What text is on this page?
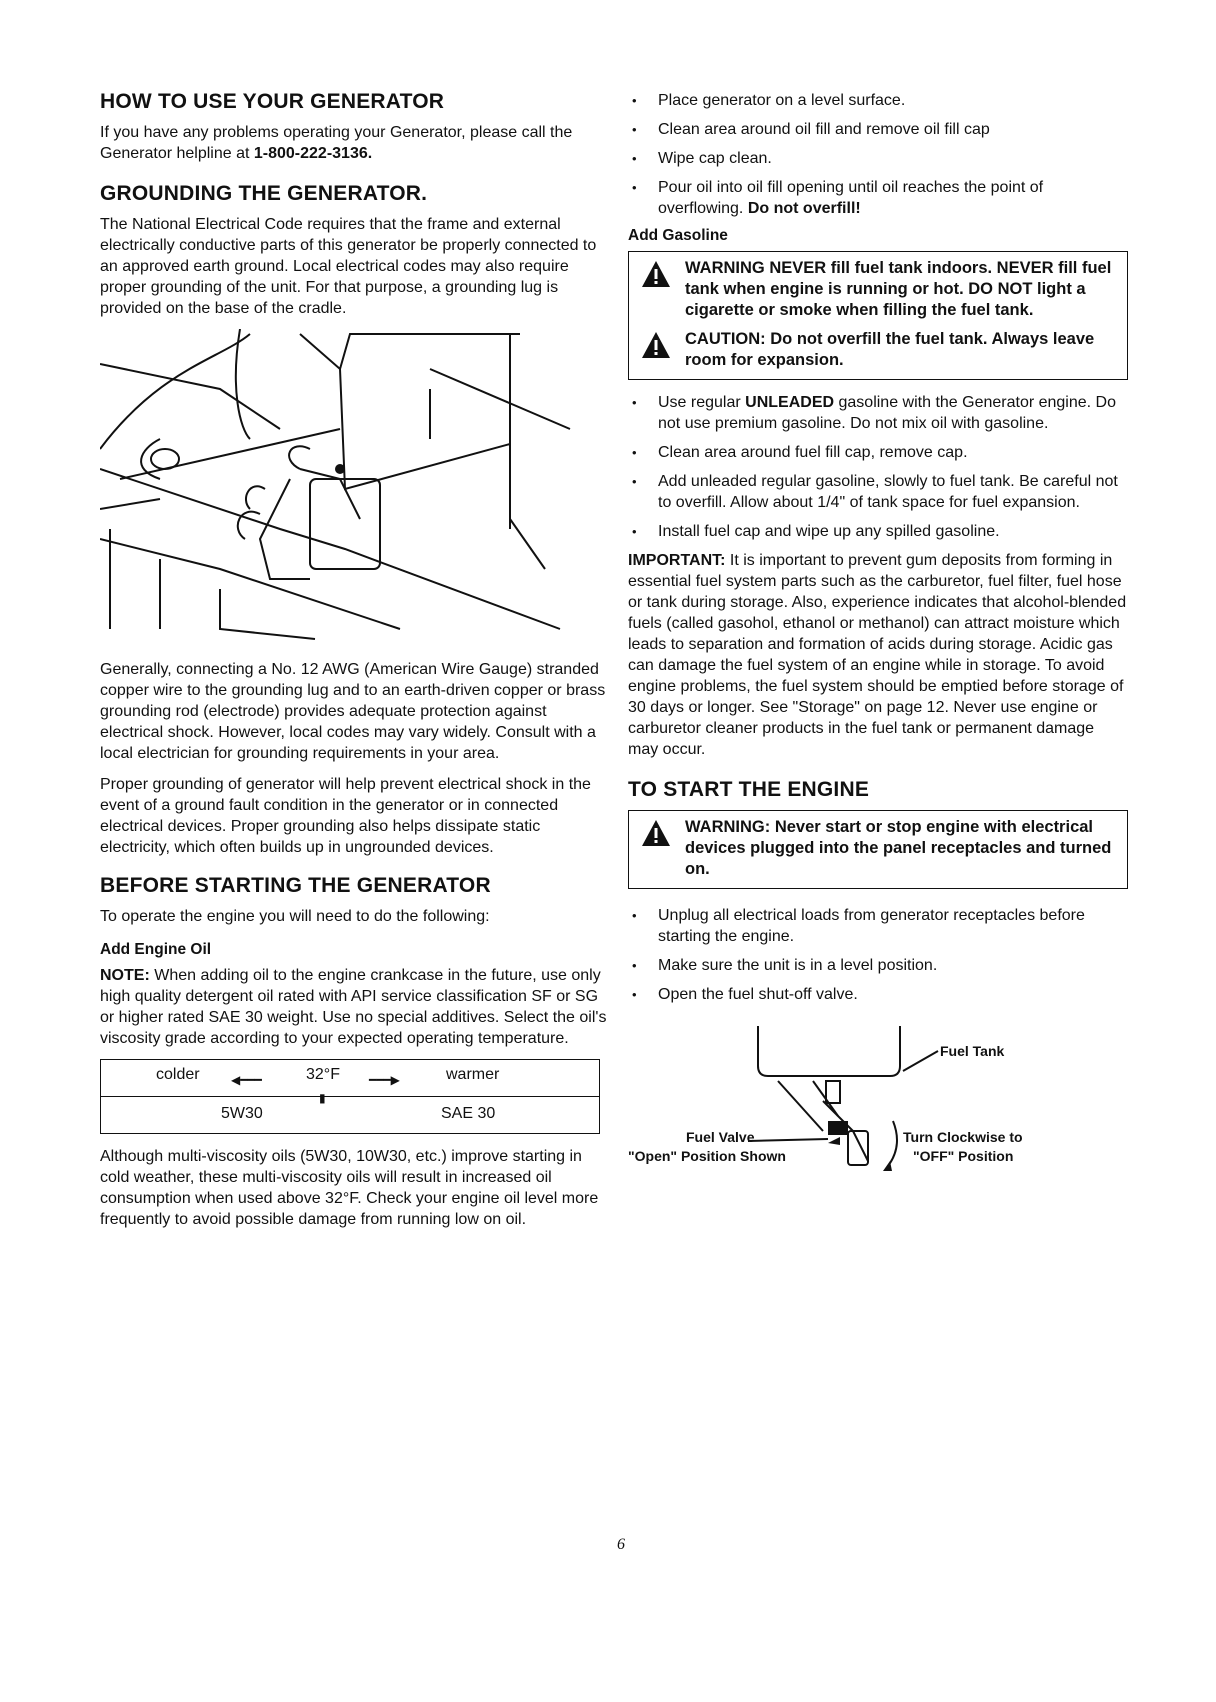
HOW TO USE YOUR GENERATOR

If you have any problems operating your Generator, please call the Generator helpline at 1-800-222-3136.

GROUNDING THE GENERATOR.

The National Electrical Code requires that the frame and external electrically conductive parts of this generator be properly connected to an approved earth ground. Local electrical codes may also require proper grounding of the unit. For that purpose, a grounding lug is provided on the base of the cradle.

Generally, connecting a No. 12 AWG (American Wire Gauge) stranded copper wire to the grounding lug and to an earth-driven copper or brass grounding rod (electrode) provides adequate protection against electrical shock. However, local codes may vary widely. Consult with a local electrician for grounding requirements in your area.

Proper grounding of generator will help prevent electrical shock in the event of a ground fault condition in the generator or in connected electrical devices. Proper grounding also helps dissipate static electricity, which often builds up in ungrounded devices.

BEFORE STARTING THE GENERATOR

To operate the engine you will need to do the following:

Add Engine Oil

NOTE: When adding oil to the engine crankcase in the future, use only high quality detergent oil rated with API service classification SF or SG or higher rated SAE 30 weight. Use no special additives. Select the oil's viscosity grade according to your expected operating temperature.

colder	◀━━━	32°F ━━━▶	warmer

5W30
▮
SAE 30

Although multi-viscosity oils (5W30, 10W30, etc.) improve starting in cold weather, these multi-viscosity oils will result in increased oil consumption when used above 32°F. Check your engine oil level more frequently to avoid possible damage from running low on oil.

• Place generator on a level surface.
• Clean area around oil fill and remove oil fill cap
• Wipe cap clean.
• Pour oil into oil fill opening until oil reaches the point of overflowing. Do not overfill!
Add Gasoline
WARNING NEVER fill fuel tank indoors. NEVER fill fuel tank when engine is running or hot. DO NOT light a cigarette or smoke when filling the fuel tank.
CAUTION: Do not overfill the fuel tank. Always leave room for expansion.
• Use regular UNLEADED gasoline with the Generator engine. Do not use premium gasoline. Do not mix oil with gasoline.
• Clean area around fuel fill cap, remove cap.
• Add unleaded regular gasoline, slowly to fuel tank. Be careful not to overfill. Allow about 1/4" of tank space for fuel expansion.
• Install fuel cap and wipe up any spilled gasoline.

IMPORTANT: It is important to prevent gum deposits from forming in essential fuel system parts such as the carburetor, fuel filter, fuel hose or tank during storage. Also, experience indicates that alcohol-blended fuels (called gasohol, ethanol or methanol) can attract moisture which leads to separation and formation of acids during storage. Acidic gas can damage the fuel system of an engine while in storage. To avoid engine problems, the fuel system should be emptied before storage of 30 days or longer. See "Storage" on page 12. Never use engine or carburetor cleaner products in the fuel tank or permanent damage may occur.

TO START THE ENGINE
WARNING: Never start or stop engine with electrical devices plugged into the panel receptacles and turned on.
• Unplug all electrical loads from generator receptacles before starting the engine.
• Make sure the unit is in a level position.
• Open the fuel shut-off valve.
Fuel Tank
Fuel Valve
"Open" Position Shown
Turn Clockwise to
"OFF" Position
6
